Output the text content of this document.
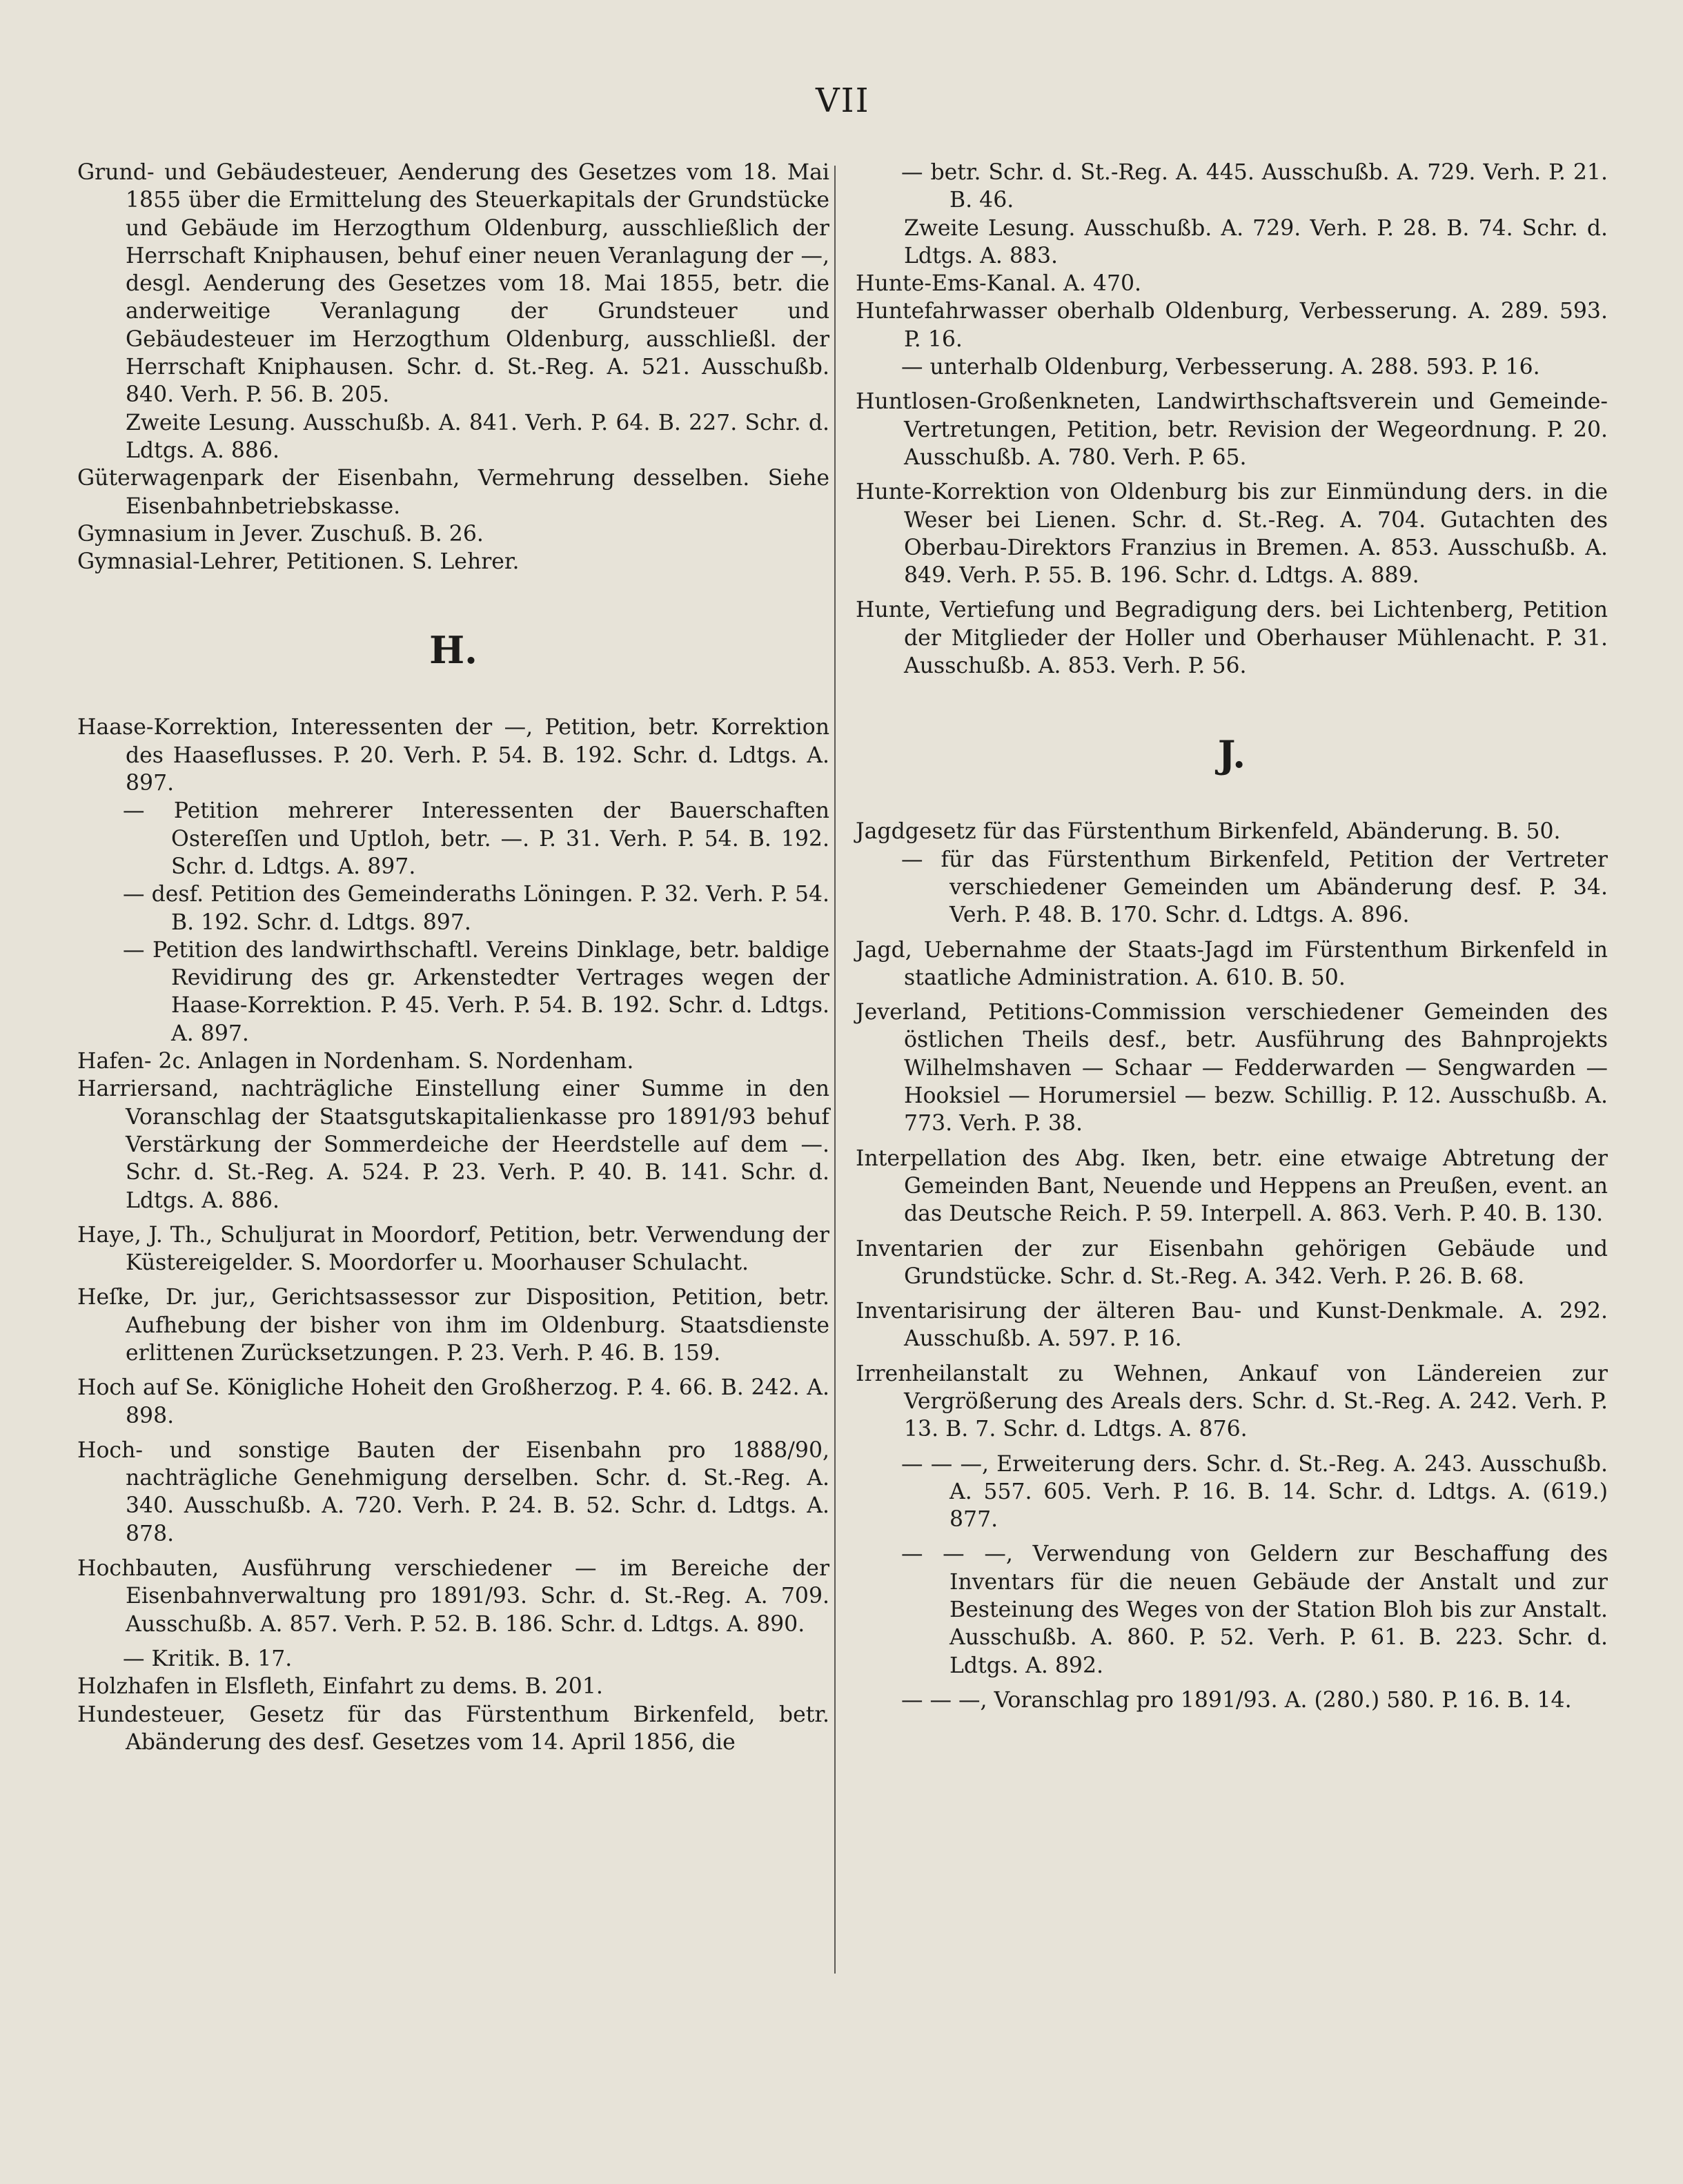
VII
Grund- und Gebäudesteuer, Aenderung des Gesetzes vom 18. Mai 1855 über die Ermittelung des Steuerkapitals der Grundstücke und Gebäude im Herzogthum Oldenburg, ausschließlich der Herrschaft Kniphausen, behuf einer neuen Veranlagung der —, desgl. Aenderung des Gesetzes vom 18. Mai 1855, betr. die anderweitige Veranlagung der Grundsteuer und Gebäudesteuer im Herzogthum Oldenburg, ausschließl. der Herrschaft Kniphausen. Schr. d. St.-Reg. A. 521. Ausschußb. 840. Verh. P. 56. B. 205.
Zweite Lesung. Ausschußb. A. 841. Verh. P. 64. B. 227. Schr. d. Ldtgs. A. 886.
Güterwagenpark der Eisenbahn, Vermehrung desselben. Siehe Eisenbahnbetriebskasse.
Gymnasium in Jever. Zuschuß. B. 26.
Gymnasial-Lehrer, Petitionen. S. Lehrer.
H.
Haase-Korrektion, Interessenten der —, Petition, betr. Korrektion des Haaseflusses. P. 20. Verh. P. 54. B. 192. Schr. d. Ldtgs. A. 897.
— Petition mehrerer Interessenten der Bauerschaften Ostereſſen und Uptloh, betr. —. P. 31. Verh. P. 54. B. 192. Schr. d. Ldtgs. A. 897.
— desf. Petition des Gemeinderaths Löningen. P. 32. Verh. P. 54. B. 192. Schr. d. Ldtgs. 897.
— Petition des landwirthschaftl. Vereins Dinklage, betr. baldige Revidirung des gr. Arkenstedter Vertrages wegen der Haase-Korrektion. P. 45. Verh. P. 54. B. 192. Schr. d. Ldtgs. A. 897.
Hafen- 2c. Anlagen in Nordenham. S. Nordenham.
Harriersand, nachträgliche Einstellung einer Summe in den Voranschlag der Staatsgutskapitalienkasse pro 1891/93 behuf Verstärkung der Sommerdeiche der Heerdstelle auf dem —. Schr. d. St.-Reg. A. 524. P. 23. Verh. P. 40. B. 141. Schr. d. Ldtgs. A. 886.
Haye, J. Th., Schuljurat in Moordorf, Petition, betr. Verwendung der Küstereigelder. S. Moordorfer u. Moorhauser Schulacht.
Heſke, Dr. jur,, Gerichtsassessor zur Disposition, Petition, betr. Aufhebung der bisher von ihm im Oldenburg. Staatsdienste erlittenen Zurücksetzungen. P. 23. Verh. P. 46. B. 159.
Hoch auf Se. Königliche Hoheit den Großherzog. P. 4. 66. B. 242. A. 898.
Hoch- und sonstige Bauten der Eisenbahn pro 1888/90, nachträgliche Genehmigung derselben. Schr. d. St.-Reg. A. 340. Ausschußb. A. 720. Verh. P. 24. B. 52. Schr. d. Ldtgs. A. 878.
Hochbauten, Ausführung verschiedener — im Bereiche der Eisenbahnverwaltung pro 1891/93. Schr. d. St.-Reg. A. 709. Ausschußb. A. 857. Verh. P. 52. B. 186. Schr. d. Ldtgs. A. 890.
— Kritik. B. 17.
Holzhafen in Elsfleth, Einfahrt zu dems. B. 201.
Hundesteuer, Gesetz für das Fürstenthum Birkenfeld, betr. Abänderung des desf. Gesetzes vom 14. April 1856, die
— betr. Schr. d. St.-Reg. A. 445. Ausschußb. A. 729. Verh. P. 21. B. 46.
Zweite Lesung. Ausschußb. A. 729. Verh. P. 28. B. 74. Schr. d. Ldtgs. A. 883.
Hunte-Ems-Kanal. A. 470.
Huntefahrwasser oberhalb Oldenburg, Verbesserung. A. 289. 593. P. 16.
— unterhalb Oldenburg, Verbesserung. A. 288. 593. P. 16.
Huntlosen-Großenkneten, Landwirthschaftsverein und Gemeinde-Vertretungen, Petition, betr. Revision der Wegeordnung. P. 20. Ausschußb. A. 780. Verh. P. 65.
Hunte-Korrektion von Oldenburg bis zur Einmündung ders. in die Weser bei Lienen. Schr. d. St.-Reg. A. 704. Gutachten des Oberbau-Direktors Franzius in Bremen. A. 853. Ausschußb. A. 849. Verh. P. 55. B. 196. Schr. d. Ldtgs. A. 889.
Hunte, Vertiefung und Begradigung ders. bei Lichtenberg, Petition der Mitglieder der Holler und Oberhauser Mühlenacht. P. 31. Ausschußb. A. 853. Verh. P. 56.
J.
Jagdgesetz für das Fürstenthum Birkenfeld, Abänderung. B. 50.
— für das Fürstenthum Birkenfeld, Petition der Vertreter verschiedener Gemeinden um Abänderung desf. P. 34. Verh. P. 48. B. 170. Schr. d. Ldtgs. A. 896.
Jagd, Uebernahme der Staats-Jagd im Fürstenthum Birkenfeld in staatliche Administration. A. 610. B. 50.
Jeverland, Petitions-Commission verschiedener Gemeinden des östlichen Theils desf., betr. Ausführung des Bahnprojekts Wilhelmshaven — Schaar — Fedderwarden — Sengwarden — Hooksiel — Horumersiel — bezw. Schillig. P. 12. Ausschußb. A. 773. Verh. P. 38.
Interpellation des Abg. Iken, betr. eine etwaige Abtretung der Gemeinden Bant, Neuende und Heppens an Preußen, event. an das Deutsche Reich. P. 59. Interpell. A. 863. Verh. P. 40. B. 130.
Inventarien der zur Eisenbahn gehörigen Gebäude und Grundstücke. Schr. d. St.-Reg. A. 342. Verh. P. 26. B. 68.
Inventarisirung der älteren Bau- und Kunst-Denkmale. A. 292. Ausschußb. A. 597. P. 16.
Irrenheilanstalt zu Wehnen, Ankauf von Ländereien zur Vergrößerung des Areals ders. Schr. d. St.-Reg. A. 242. Verh. P. 13. B. 7. Schr. d. Ldtgs. A. 876.
— — —, Erweiterung ders. Schr. d. St.-Reg. A. 243. Ausschußb. A. 557. 605. Verh. P. 16. B. 14. Schr. d. Ldtgs. A. (619.) 877.
— — —, Verwendung von Geldern zur Beschaffung des Inventars für die neuen Gebäude der Anstalt und zur Besteinung des Weges von der Station Bloh bis zur Anstalt. Ausschußb. A. 860. P. 52. Verh. P. 61. B. 223. Schr. d. Ldtgs. A. 892.
— — —, Voranschlag pro 1891/93. A. (280.) 580. P. 16. B. 14.
